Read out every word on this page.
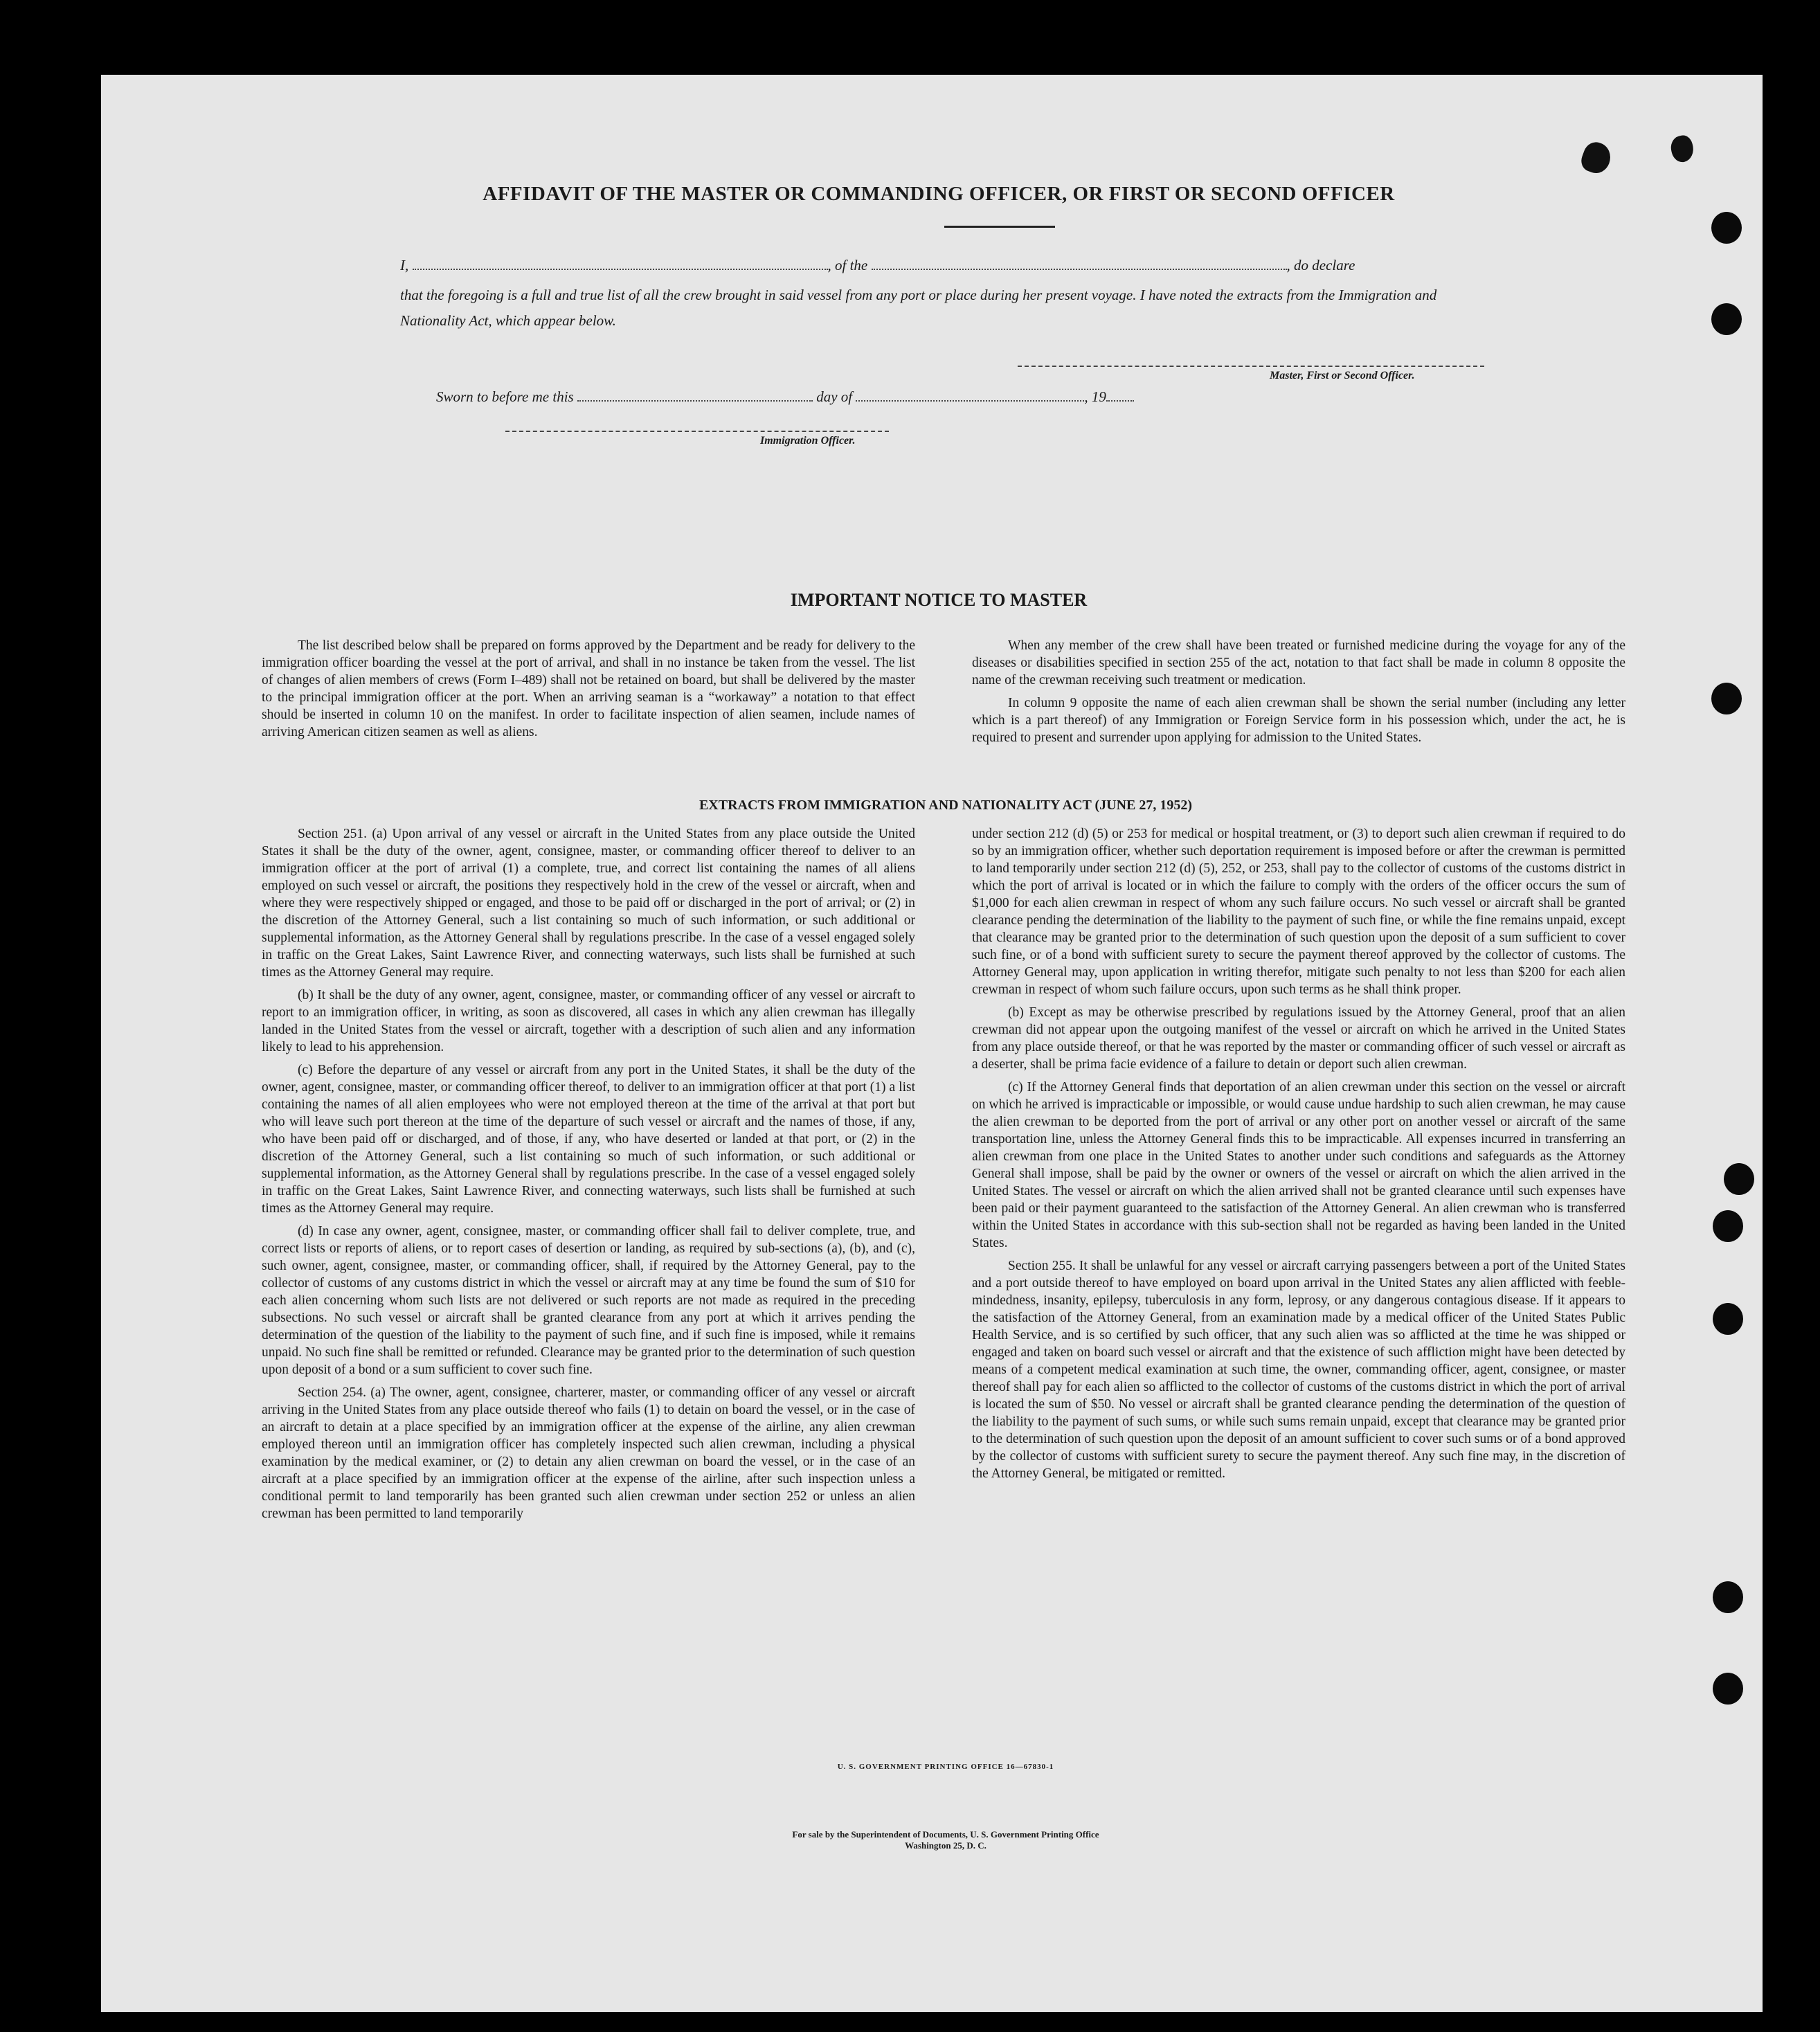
AFFIDAVIT OF THE MASTER OR COMMANDING OFFICER, OR FIRST OR SECOND OFFICER
I,	, of the	, do declare
that the foregoing is a full and true list of all the crew brought in said vessel from any port or place during her present voyage. I have noted the extracts from the Immigration and Nationality Act, which appear below.
Master, First or Second Officer.
Sworn to before me this	day of	, 19
Immigration Officer.
IMPORTANT NOTICE TO MASTER

The list described below shall be prepared on forms approved by the Department and be ready for delivery to the immigration officer boarding the vessel at the port of arrival, and shall in no instance be taken from the vessel. The list of changes of alien members of crews (Form I–489) shall not be retained on board, but shall be delivered by the master to the principal immigration officer at the port. When an arriving seaman is a “workaway” a notation to that effect should be inserted in column 10 on the manifest. In order to facilitate inspection of alien seamen, include names of arriving American citizen seamen as well as aliens.

When any member of the crew shall have been treated or furnished medicine during the voyage for any of the diseases or disabilities specified in section 255 of the act, notation to that fact shall be made in column 8 opposite the name of the crewman receiving such treatment or medication.

In column 9 opposite the name of each alien crewman shall be shown the serial number (including any letter which is a part thereof) of any Immigration or Foreign Service form in his possession which, under the act, he is required to present and surrender upon applying for admission to the United States.

EXTRACTS FROM IMMIGRATION AND NATIONALITY ACT (JUNE 27, 1952)

Section 251. (a) Upon arrival of any vessel or aircraft in the United States from any place outside the United States it shall be the duty of the owner, agent, consignee, master, or commanding officer thereof to deliver to an immigration officer at the port of arrival (1) a complete, true, and correct list containing the names of all aliens employed on such vessel or aircraft, the positions they respectively hold in the crew of the vessel or aircraft, when and where they were respectively shipped or engaged, and those to be paid off or discharged in the port of arrival; or (2) in the discretion of the Attorney General, such a list containing so much of such information, or such additional or supplemental information, as the Attorney General shall by regulations prescribe. In the case of a vessel engaged solely in traffic on the Great Lakes, Saint Lawrence River, and connecting waterways, such lists shall be furnished at such times as the Attorney General may require.

(b) It shall be the duty of any owner, agent, consignee, master, or commanding officer of any vessel or aircraft to report to an immigration officer, in writing, as soon as discovered, all cases in which any alien crewman has illegally landed in the United States from the vessel or aircraft, together with a description of such alien and any information likely to lead to his apprehension.

(c) Before the departure of any vessel or aircraft from any port in the United States, it shall be the duty of the owner, agent, consignee, master, or commanding officer thereof, to deliver to an immigration officer at that port (1) a list containing the names of all alien employees who were not employed thereon at the time of the arrival at that port but who will leave such port thereon at the time of the departure of such vessel or aircraft and the names of those, if any, who have been paid off or discharged, and of those, if any, who have deserted or landed at that port, or (2) in the discretion of the Attorney General, such a list containing so much of such information, or such additional or supplemental information, as the Attorney General shall by regulations prescribe. In the case of a vessel engaged solely in traffic on the Great Lakes, Saint Lawrence River, and connecting waterways, such lists shall be furnished at such times as the Attorney General may require.

(d) In case any owner, agent, consignee, master, or commanding officer shall fail to deliver complete, true, and correct lists or reports of aliens, or to report cases of desertion or landing, as required by sub-sections (a), (b), and (c), such owner, agent, consignee, master, or commanding officer, shall, if required by the Attorney General, pay to the collector of customs of any customs district in which the vessel or aircraft may at any time be found the sum of $10 for each alien concerning whom such lists are not delivered or such reports are not made as required in the preceding subsections. No such vessel or aircraft shall be granted clearance from any port at which it arrives pending the determination of the question of the liability to the payment of such fine, and if such fine is imposed, while it remains unpaid. No such fine shall be remitted or refunded. Clearance may be granted prior to the determination of such question upon deposit of a bond or a sum sufficient to cover such fine.

Section 254. (a) The owner, agent, consignee, charterer, master, or commanding officer of any vessel or aircraft arriving in the United States from any place outside thereof who fails (1) to detain on board the vessel, or in the case of an aircraft to detain at a place specified by an immigration officer at the expense of the airline, any alien crewman employed thereon until an immigration officer has completely inspected such alien crewman, including a physical examination by the medical examiner, or (2) to detain any alien crewman on board the vessel, or in the case of an aircraft at a place specified by an immigration officer at the expense of the airline, after such inspection unless a conditional permit to land temporarily has been granted such alien crewman under section 252 or unless an alien crewman has been permitted to land temporarily

under section 212 (d) (5) or 253 for medical or hospital treatment, or (3) to deport such alien crewman if required to do so by an immigration officer, whether such deportation requirement is imposed before or after the crewman is permitted to land temporarily under section 212 (d) (5), 252, or 253, shall pay to the collector of customs of the customs district in which the port of arrival is located or in which the failure to comply with the orders of the officer occurs the sum of $1,000 for each alien crewman in respect of whom any such failure occurs. No such vessel or aircraft shall be granted clearance pending the determination of the liability to the payment of such fine, or while the fine remains unpaid, except that clearance may be granted prior to the determination of such question upon the deposit of a sum sufficient to cover such fine, or of a bond with sufficient surety to secure the payment thereof approved by the collector of customs. The Attorney General may, upon application in writing therefor, mitigate such penalty to not less than $200 for each alien crewman in respect of whom such failure occurs, upon such terms as he shall think proper.

(b) Except as may be otherwise prescribed by regulations issued by the Attorney General, proof that an alien crewman did not appear upon the outgoing manifest of the vessel or aircraft on which he arrived in the United States from any place outside thereof, or that he was reported by the master or commanding officer of such vessel or aircraft as a deserter, shall be prima facie evidence of a failure to detain or deport such alien crewman.

(c) If the Attorney General finds that deportation of an alien crewman under this section on the vessel or aircraft on which he arrived is impracticable or impossible, or would cause undue hardship to such alien crewman, he may cause the alien crewman to be deported from the port of arrival or any other port on another vessel or aircraft of the same transportation line, unless the Attorney General finds this to be impracticable. All expenses incurred in transferring an alien crewman from one place in the United States to another under such conditions and safeguards as the Attorney General shall impose, shall be paid by the owner or owners of the vessel or aircraft on which the alien arrived in the United States. The vessel or aircraft on which the alien arrived shall not be granted clearance until such expenses have been paid or their payment guaranteed to the satisfaction of the Attorney General. An alien crewman who is transferred within the United States in accordance with this sub-section shall not be regarded as having been landed in the United States.

Section 255. It shall be unlawful for any vessel or aircraft carrying passengers between a port of the United States and a port outside thereof to have employed on board upon arrival in the United States any alien afflicted with feeble-mindedness, insanity, epilepsy, tuberculosis in any form, leprosy, or any dangerous contagious disease. If it appears to the satisfaction of the Attorney General, from an examination made by a medical officer of the United States Public Health Service, and is so certified by such officer, that any such alien was so afflicted at the time he was shipped or engaged and taken on board such vessel or aircraft and that the existence of such affliction might have been detected by means of a competent medical examination at such time, the owner, commanding officer, agent, consignee, or master thereof shall pay for each alien so afflicted to the collector of customs of the customs district in which the port of arrival is located the sum of $50. No vessel or aircraft shall be granted clearance pending the determination of the question of the liability to the payment of such sums, or while such sums remain unpaid, except that clearance may be granted prior to the determination of such question upon the deposit of an amount sufficient to cover such sums or of a bond approved by the collector of customs with sufficient surety to secure the payment thereof. Any such fine may, in the discretion of the Attorney General, be mitigated or remitted.

U. S. GOVERNMENT PRINTING OFFICE 16—67830-1
For sale by the Superintendent of Documents, U. S. Government Printing Office
Washington 25, D. C.
